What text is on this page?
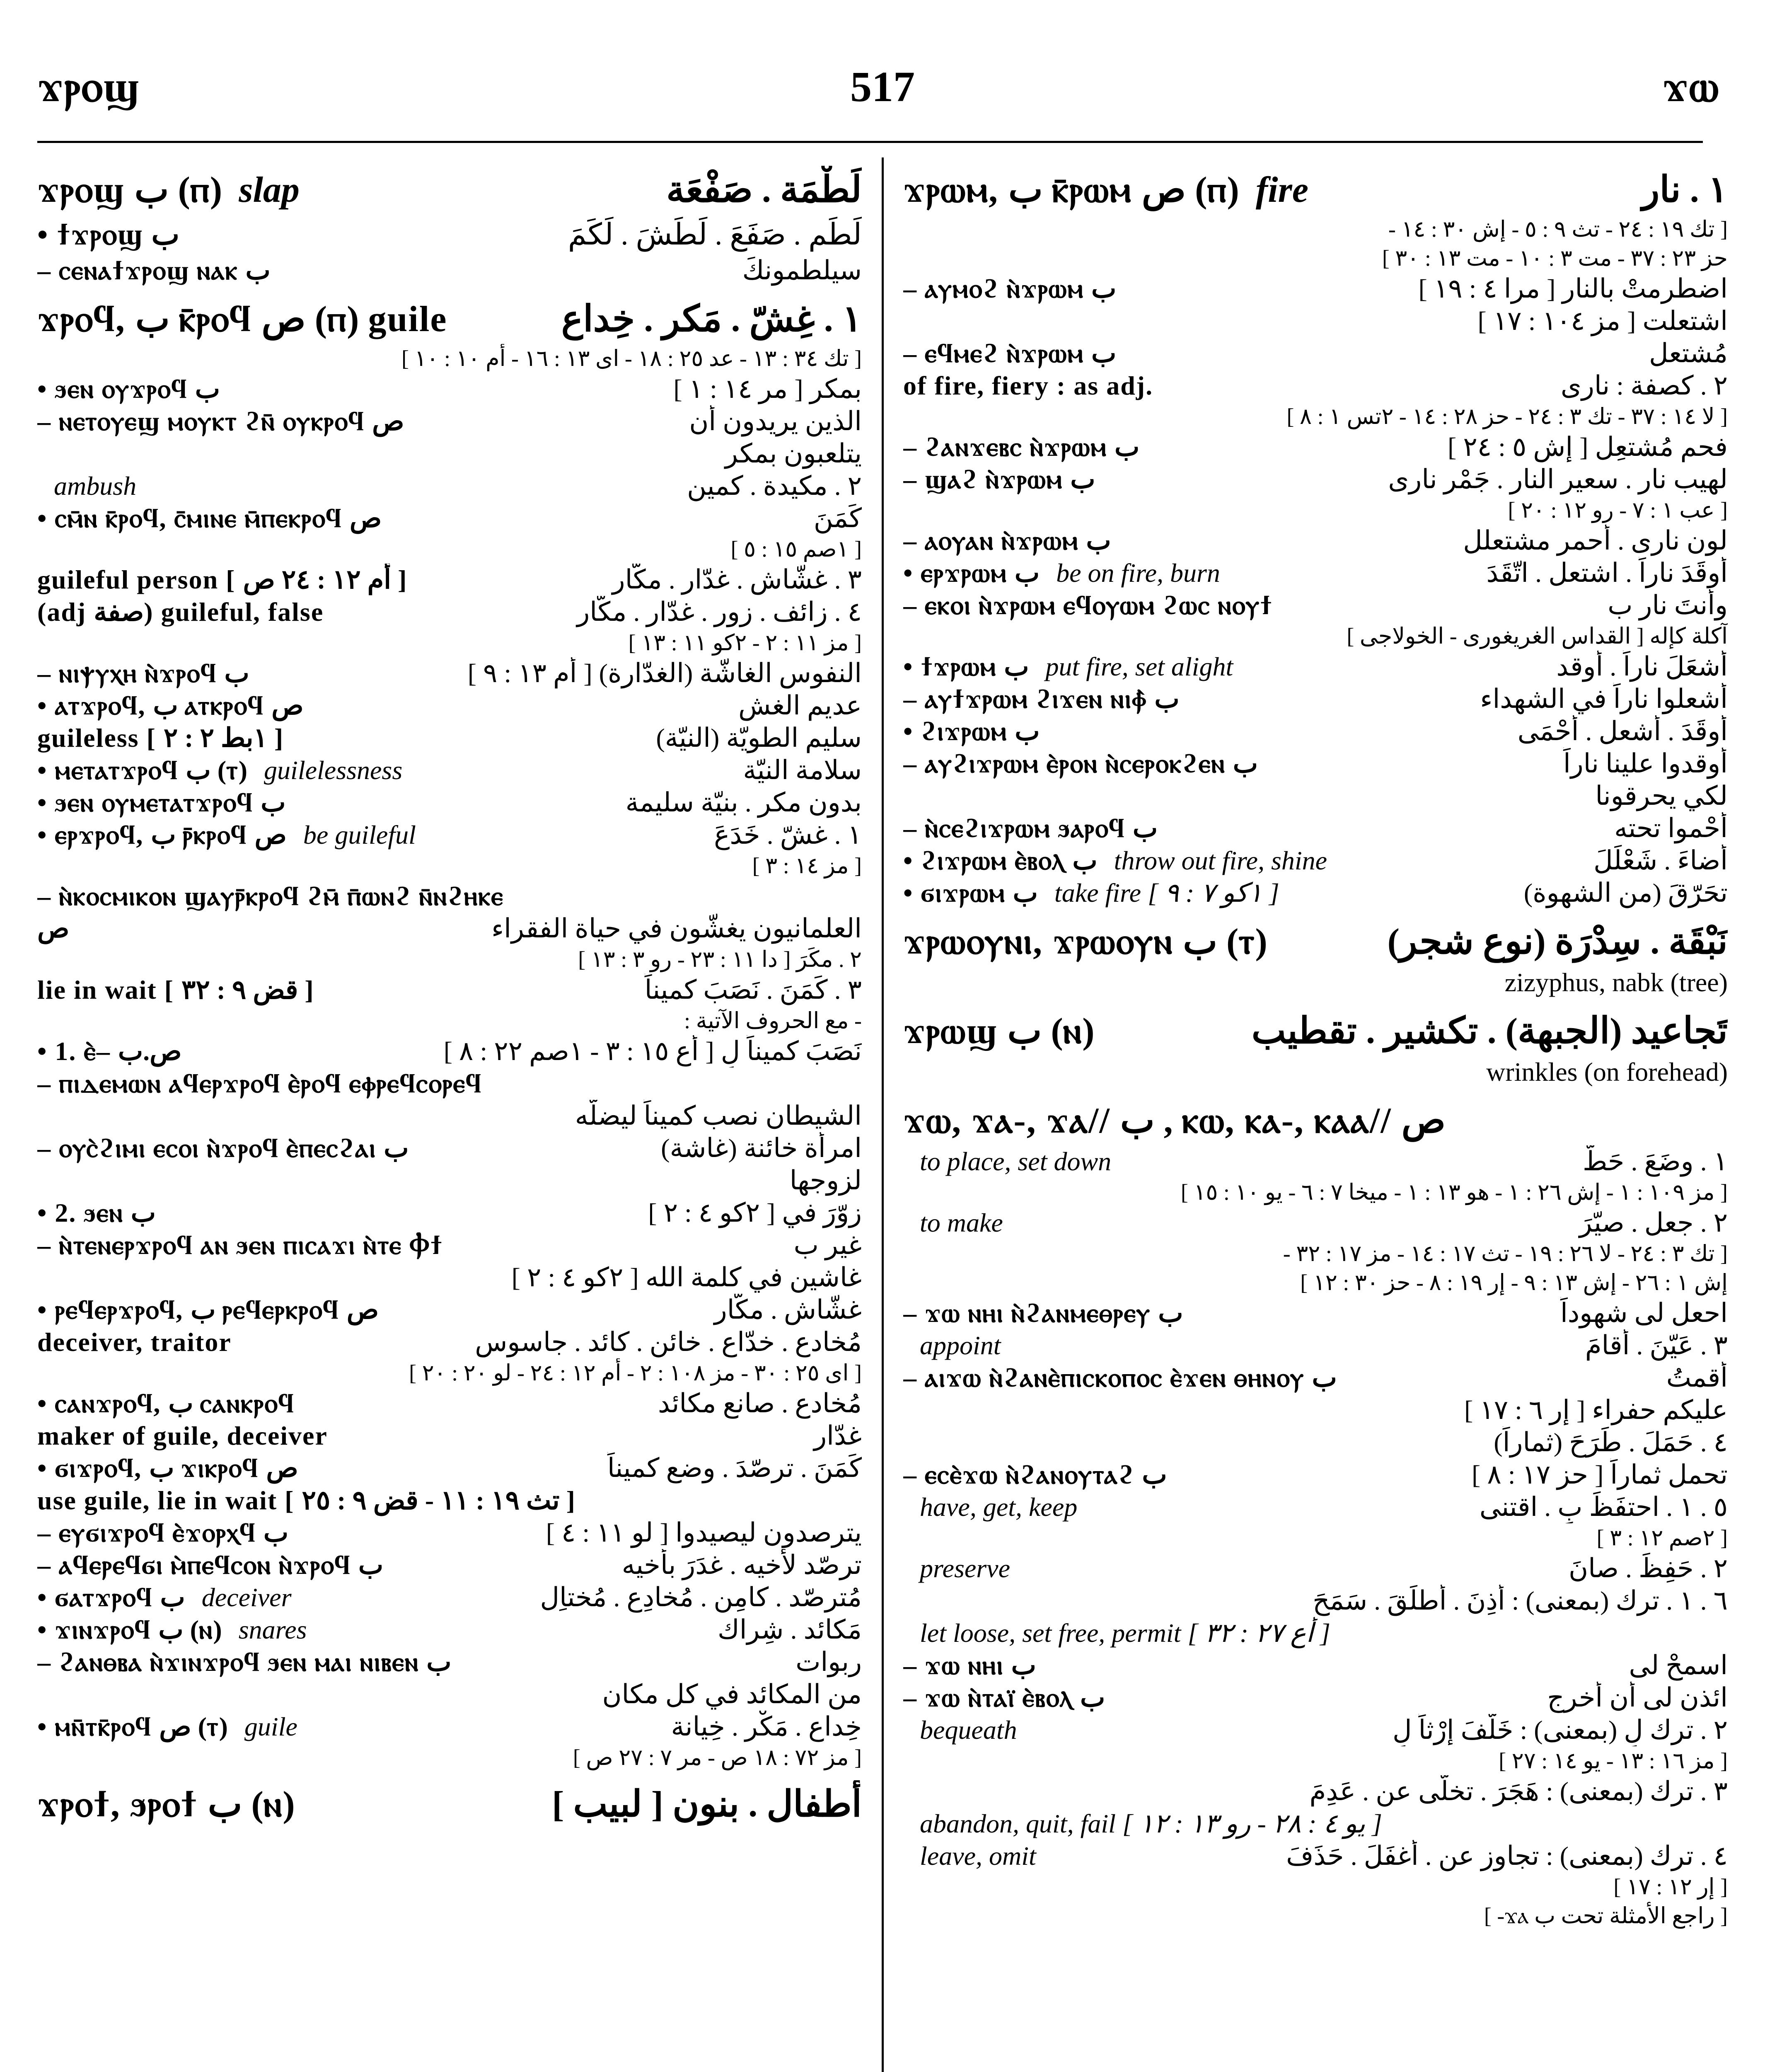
ϫⲣⲟϣ	517	ϫⲱ
ϫⲣⲟϣ ب (ⲡ) slap	لَطْمَة . صَفْعَة
• ϯϫⲣⲟϣ ب	لَطَم . صَفَعَ . لَطَشَ . لَكَمَ
– ⲥⲉⲛⲁϯϫⲣⲟϣ ⲛⲁⲕ ب	سيلطمونكَ
ϫⲣⲟϥ, ب ⲕ̄ⲣⲟϥ ص (ⲡ) guile	١ . غِشّ . مَكر . خِداع
[ تك ٣٤ : ١٣ - عد ٢٥ : ١٨ - اى ١٣ : ١٦ - أم ١٠ : ١٠ ]
• ϧⲉⲛ ⲟⲩϫⲣⲟϥ ب	بمكر [ مر ١٤ : ١ ]
– ⲛⲉⲧⲟⲩⲉϣ ⲙⲟⲩⲕⲧ ϩⲛ̄ ⲟⲩⲕⲣⲟϥ ص	الذين يريدون أن
يتلعبون بمكر
ambush	٢ . مكيدة . كمين
• ⲥⲙ̄ⲛ ⲕ̄ⲣⲟϥ, ⲥ̄ⲙⲓⲛⲉ ⲙ̄ⲡⲉⲕⲣⲟϥ ص	كَمَنَ
[ ١صم ١٥ : ٥ ]
guileful person [ أم ١٢ : ٢٤ ص ]	٣ . غشّاش . غدّار . مكّار
(adj صفة) guileful, false	٤ . زائف . زور . غدّار . مكّار
[ مز ١١ : ٢ - ٢كو ١١ : ١٣ ]
– ⲛⲓⲯⲩⲭⲏ ⲛ̀ϫⲣⲟϥ ب	النفوس الغاشّة (الغدّارة) [ أم ١٣ : ٩ ]
• ⲁⲧϫⲣⲟϥ, ب ⲁⲧⲕⲣⲟϥ ص	عديم الغش
guileless [ ١بط ٢ : ٢ ]	سليم الطويّة (النيّة)
• ⲙⲉⲧⲁⲧϫⲣⲟϥ ب (ⲧ) guilelessness	سلامة النيّة
• ϧⲉⲛ ⲟⲩⲙⲉⲧⲁⲧϫⲣⲟϥ ب	بدون مكر . بنيّة سليمة
• ⲉⲣϫⲣⲟϥ, ب ⲣ̄ⲕⲣⲟϥ ص be guileful	١ . غشّ . خَدَعَ
[ مز ١٤ : ٣ ]
– ⲛ̀ⲕⲟⲥⲙⲓⲕⲟⲛ ϣⲁⲩⲣ̄ⲕⲣⲟϥ ϩⲙ̄ ⲡ̄ⲱⲛϩ ⲛ̄ⲛϩⲏⲕⲉ
ص	العلمانيون يغشّون في حياة الفقراء
٢ . مكَرَ [ دا ١١ : ٢٣ - رو ٣ : ١٣ ]
lie in wait [ قض ٩ : ٣٢ ]	٣ . كَمَنَ . نَصَبَ كميناً
- مع الحروف الآتية :
• 1. ⲉ̀– ص.ب	نَصَبَ كميناً لِ [ أع ١٥ : ٣ - ١صم ٢٢ : ٨ ]
– ⲡⲓⲇⲉⲙⲱⲛ ⲁϥⲉⲣϫⲣⲟϥ ⲉ̀ⲣⲟϥ ⲉⲫⲣⲉϥⲥⲟⲣⲉϥ
الشيطان نصب كميناً ليضلّه
– ⲟⲩⲥ̀ϩⲓⲙⲓ ⲉⲥⲟⲓ ⲛ̀ϫⲣⲟϥ ⲉ̀ⲡⲉⲥϩⲁⲓ ب	امرأة خائنة (غاشة)
لزوجها
• 2. ϧⲉⲛ ب	زوّرَ في [ ٢كو ٤ : ٢ ]
– ⲛ̀ⲧⲉⲛⲉⲣϫⲣⲟϥ ⲁⲛ ϧⲉⲛ ⲡⲓⲥⲁϫⲓ ⲛ̀ⲧⲉ Ⲫϯ	غير ب
غاشين في كلمة الله [ ٢كو ٤ : ٢ ]
• ⲣⲉϥⲉⲣϫⲣⲟϥ, ب ⲣⲉϥⲉⲣⲕⲣⲟϥ ص	غشّاش . مكّار
deceiver, traitor	مُخادع . خدّاع . خائن . كائد . جاسوس
[ اى ٢٥ : ٣٠ - مز ١٠٨ : ٢ - أم ١٢ : ٢٤ - لو ٢٠ : ٢٠ ]
• ⲥⲁⲛϫⲣⲟϥ, ب ⲥⲁⲛⲕⲣⲟϥ	مُخادع . صانع مكائد
maker of guile, deceiver	غدّار
• ϭⲓϫⲣⲟϥ, ب ϫⲓⲕⲣⲟϥ ص	كَمَنَ . ترصّدَ . وضع كميناً
use guile, lie in wait [ تث ١٩ : ١١ - قض ٩ : ٢٥ ]
– ⲉⲩϭⲓϫⲣⲟϥ ⲉ̀ϫⲟⲣⲭϥ ب	يترصدون ليصيدوا [ لو ١١ : ٤ ]
– ⲁϥⲉⲣⲉϥϭⲓ ⲙ̀ⲡⲉϥⲥⲟⲛ ⲛ̀ϫⲣⲟϥ ب	ترصّد لأخيه . غدَرَ بأخيه
• ϭⲁⲧϫⲣⲟϥ ب deceiver	مُترصّد . كامِن . مُخادِع . مُختاِل
• ϫⲓⲛϫⲣⲟϥ ب (ⲛ) snares	مَكائد . شِراك
– ϩⲁⲛⲑⲃⲁ ⲛ̀ϫⲓⲛϫⲣⲟϥ ϧⲉⲛ ⲙⲁⲓ ⲛⲓⲃⲉⲛ ب	ربوات
من المكائد في كل مكان
• ⲙⲛ̄ⲧⲕ̄ⲣⲟϥ ص (ⲧ) guile	خِداع . مَكْر . خِيانة
[ مز ٧٢ : ١٨ ص - مر ٧ : ٢٧ ص ]
ϫⲣⲟϯ, ϧⲣⲟϯ ب (ⲛ)	أطفال . بنون [ لبيب ]
ϫⲣⲱⲙ, ب ⲕ̄ⲣⲱⲙ ص (ⲡ) fire	١ . نار
[ تك ١٩ : ٢٤ - تث ٩ : ٥ - إش ٣٠ : ١٤ -
حز ٢٣ : ٣٧ - مت ٣ : ١٠ - مت ١٣ : ٣٠ ]
– ⲁⲩⲙⲟϩ ⲛ̀ϫⲣⲱⲙ ب	اضطرمتْ بالنار [ مرا ٤ : ١٩ ]
اشتعلت [ مز ١٠٤ : ١٧ ]
– ⲉϥⲙⲉϩ ⲛ̀ϫⲣⲱⲙ ب	مُشتعل
of fire, fiery : as adj.	٢ . كصفة : نارى
[ لا ١٤ : ٣٧ - تك ٣ : ٢٤ - حز ٢٨ : ١٤ - ٢تس ١ : ٨ ]
– ϩⲁⲛϫⲉⲃⲥ ⲛ̀ϫⲣⲱⲙ ب	فحم مُشتعِل [ إش ٥ : ٢٤ ]
– ϣⲁϩ ⲛ̀ϫⲣⲱⲙ ب	لهيب نار . سعير النار . جَمْر نارى
[ عب ١ : ٧ - رو ١٢ : ٢٠ ]
– ⲁⲟⲩⲁⲛ ⲛ̀ϫⲣⲱⲙ ب	لون نارى . أحمر مشتعلل
• ⲉⲣϫⲣⲱⲙ ب be on fire, burn	أوقَدَ ناراً . اشتعل . اتّقَدَ
– ⲉⲕⲟⲓ ⲛ̀ϫⲣⲱⲙ ⲉϥⲟⲩⲱⲙ ϩⲱⲥ ⲛⲟⲩϯ	وأنتَ نار ب
آكلة كإله [ القداس الغريغورى - الخولاجى ]
• ϯϫⲣⲱⲙ ب put fire, set alight	أشعَلَ ناراً . أوقد
– ⲁⲩϯϫⲣⲱⲙ ϩⲓϫⲉⲛ ⲛⲓⲫ̀ ب	أشعلوا ناراً في الشهداء
• ϩⲓϫⲣⲱⲙ ب	أوقَدَ . أشعل . أحْمَى
– ⲁⲩϩⲓϫⲣⲱⲙ ⲉ̀ⲣⲟⲛ ⲛ̀ⲥⲉⲣⲟⲕϩⲉⲛ ب	أوقدوا علينا ناراً
لكي يحرقونا
– ⲛ̀ⲥⲉϩⲓϫⲣⲱⲙ ϧⲁⲣⲟϥ ب	أحْموا تحته
• ϩⲓϫⲣⲱⲙ ⲉ̀ⲃⲟⲗ ب throw out fire, shine	أضاءَ . شَعْلَلَ
• ϭⲓϫⲣⲱⲙ ب take fire [ ١كو ٧ : ٩ ]	تحَرّقَ (من الشهوة)
ϫⲣⲱⲟⲩⲛⲓ, ϫⲣⲱⲟⲩⲛ ب (ⲧ)	نَبْقَة . سِدْرَة (نوع شجر)
(tree) zizyphus, nabk
ϫⲣⲱϣ ب (ⲛ)	تَجاعيد (الجبهة) . تكشير . تقطيب
wrinkles (on forehead)
ϫⲱ, ϫⲁ-, ϫⲁ// ب , ⲕⲱ, ⲕⲁ-, ⲕⲁⲁ// ص
to place, set down	١ . وضَعَ . حَطَّ
[ مز ١٠٩ : ١ - إش ٢٦ : ١ - هو ١٣ : ١ - ميخا ٧ : ٦ - يو ١٠ : ١٥ ]
to make	٢ . جعل . صيّرَ
[ تك ٣ : ٢٤ - لا ٢٦ : ١٩ - تث ١٧ : ١٤ - مز ١٧ : ٣٢ -
إش ١ : ٢٦ - إش ١٣ : ٩ - إر ١٩ : ٨ - حز ٣٠ : ١٢ ]
– ϫⲱ ⲛⲏⲓ ⲛ̀ϩⲁⲛⲙⲉⲑⲣⲉⲩ ب	احعل لى شهوداً
appoint	٣ . عَيّنَ . أقامَ
– ⲁⲓϫⲱ ⲛ̀ϩⲁⲛⲉ̀ⲡⲓⲥⲕⲟⲡⲟⲥ ⲉ̀ϫⲉⲛ ⲑⲏⲛⲟⲩ ب	أقمتُ
عليكم حفراء [ إر ٦ : ١٧ ]
٤ . حَمَلَ . طَرَحَ (ثماراً)
– ⲉⲥⲉ̀ϫⲱ ⲛ̀ϩⲁⲛⲟⲩⲧⲁϩ ب	تحمل ثماراً [ حز ١٧ : ٨ ]
have, get, keep	٥ . ١ . احتفَظَ بِ . اقتنى
[ ٢صم ١٢ : ٣ ]
preserve	٢ . حَفِظَ . صانَ
٦ . ١ . ترك (بمعنى) : أذِنَ . أطلَقَ . سَمَحَ
let loose, set free, permit [ أع ٢٧ : ٣٢ ]
– ϫⲱ ⲛⲏⲓ ب	اسمحْ لى
– ϫⲱ ⲛ̀ⲧⲁⲓ̈ ⲉ̀ⲃⲟⲗ ب	ائذن لى أن أخرج
bequeath	٢ . ترك لِ (بمعنى) : خَلّفَ إرْثاً لِ
[ مز ١٦ : ١٣ - يو ١٤ : ٢٧ ]
٣ . ترك (بمعنى) : هَجَرَ . تخلّى عن . عَدِمَ
abandon, quit, fail [ يو ٤ : ٢٨ - رو ١٣ : ١٢ ]
leave, omit	٤ . ترك (بمعنى) : تجاوز عن . أغفَلَ . حَذَفَ
[ إر ١٢ : ١٧ ]
[ راجع الأمثلة تحت ب ϫⲁ- ]
